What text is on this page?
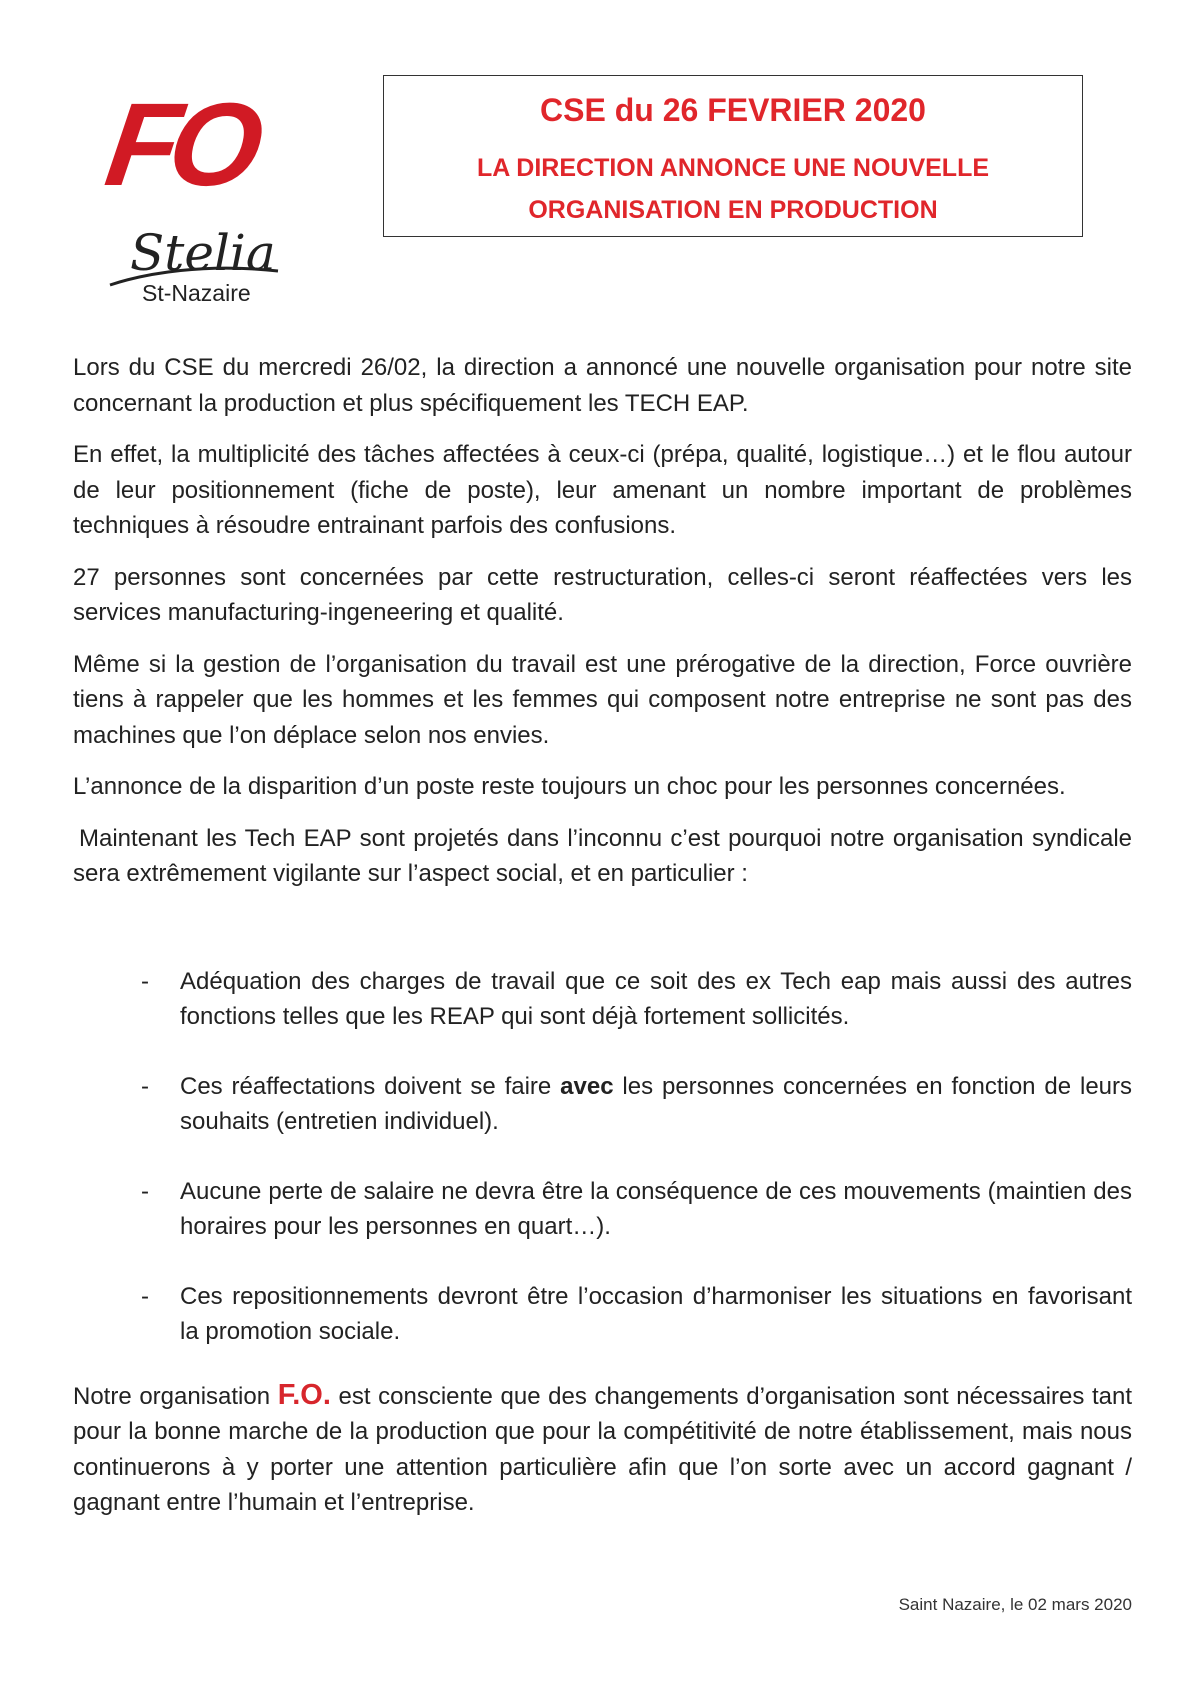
FO
Stelia
St-Nazaire
CSE du 26 FEVRIER 2020
LA DIRECTION ANNONCE UNE NOUVELLE
ORGANISATION EN PRODUCTION

Lors du CSE du mercredi 26/02, la direction a annoncé une nouvelle organisation pour notre site concernant la production et plus spécifiquement les TECH EAP.

En effet, la multiplicité des tâches affectées à ceux-ci (prépa, qualité, logistique…) et le flou autour de leur positionnement (fiche de poste), leur amenant un nombre important de problèmes techniques à résoudre entrainant parfois des confusions.

27 personnes sont concernées par cette restructuration, celles-ci seront réaffectées vers les services manufacturing-ingeneering et qualité.

Même si la gestion de l’organisation du travail est une prérogative de la direction, Force ouvrière tiens à rappeler que les hommes et les femmes qui composent notre entreprise ne sont pas des machines que l’on déplace selon nos envies.

L’annonce de la disparition d’un poste reste toujours un choc pour les personnes concernées.

Maintenant les Tech EAP sont projetés dans l’inconnu c’est pourquoi notre organisation syndicale sera extrêmement vigilante sur l’aspect social, et en particulier :

- Adéquation des charges de travail que ce soit des ex Tech eap mais aussi des autres fonctions telles que les REAP qui sont déjà fortement sollicités.
- Ces réaffectations doivent se faire avec les personnes concernées en fonction de leurs souhaits (entretien individuel).
- Aucune perte de salaire ne devra être la conséquence de ces mouvements (maintien des horaires pour les personnes en quart…).
- Ces repositionnements devront être l’occasion d’harmoniser les situations en favorisant la promotion sociale.

Notre organisation F.O. est consciente que des changements d’organisation sont nécessaires tant pour la bonne marche de la production que pour la compétitivité de notre établissement, mais nous continuerons à y porter une attention particulière afin que l’on sorte avec un accord gagnant / gagnant entre l’humain et l’entreprise.

Saint Nazaire, le 02 mars 2020
